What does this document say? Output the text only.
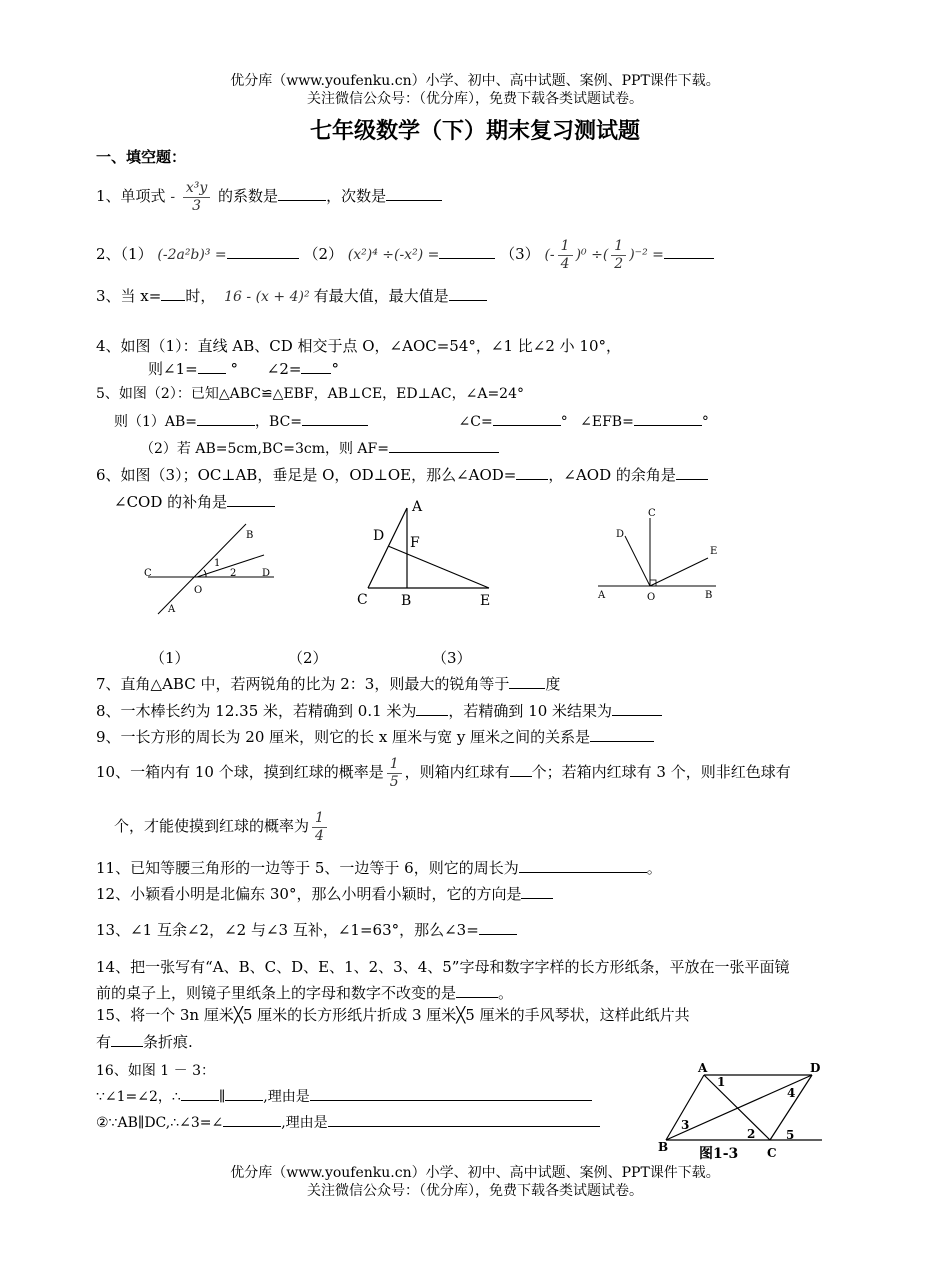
优分库（www.youfenku.cn）小学、初中、高中试题、案例、PPT课件下载。
关注微信公众号：（优分库），免费下载各类试题试卷。
七年级数学（下）期末复习测试题
一、填空题：
1、单项式 - $\frac{\text{x³y}}{3}$ 的系数是	，次数是
2、（1） (-2a²b)³ =	（2） (x²)⁴ ÷(-x²) =	（3） (- $\frac{1}{4} )^0$ ÷( $\frac{1}{2} )^{-2}$ =
3、当 x= 时， 16 - (x + 4)² 有最大值，最大值是
4、如图（1）：直线 AB、CD 相交于点 O，∠AOC=54°，∠1 比∠2 小 10°，
则∠1= ° ∠2= °
5、如图（2）：已知△ABC≌△EBF，AB⊥CE，ED⊥AC，∠A=24°
则（1）AB=	，BC=	∠C=	° ∠EFB=	°
（2）若 AB=5cm,BC=3cm，则 AF=
6、如图（3）；OC⊥AB，垂足是 O，OD⊥OE，那么∠AOD= ，∠AOD 的余角是
∠COD 的补角是
B
C
O
1
2	D
A
A
D F
C B	E
C
D
E
A	O	B
（1）	（2）	（3）
7、直角△ABC 中，若两锐角的比为 2：3，则最大的锐角等于 度
8、一木棒长约为 12.35 米，若精确到 0.1 米为 ，若精确到 10 米结果为
9、一长方形的周长为 20 厘米，则它的长 x 厘米与宽 y 厘米之间的关系是
10、一箱内有 10 个球，摸到红球的概率是 $\frac{1}{5}$ ，则箱内红球有 个；若箱内红球有 3 个，则非红色球有
个，才能使摸到红球的概率为 $\frac{1}{4}$
11、已知等腰三角形的一边等于 5、一边等于 6，则它的周长为	。
12、小颖看小明是北偏东 30°，那么小明看小颖时，它的方向是
13、∠1 互余∠2，∠2 与∠3 互补，∠1=63°，那么∠3=
14、把一张写有“A、B、C、D、E、1、2、3、4、5”字母和数字字样的长方形纸条，平放在一张平面镜
前的桌子上，则镜子里纸条上的字母和数字不改变的是	。
15、将一个 3n 厘米╳5 厘米的长方形纸片折成 3 厘米╳5 厘米的手风琴状，这样此纸片共
有 条折痕.
16、如图 1 － 3：
∵∠1=∠2，∴	∥	,理由是
②∵AB∥DC,∴∠3=∠	,理由是
A	D
1
4
3
2	5
B	C
图1-3
优分库（www.youfenku.cn）小学、初中、高中试题、案例、PPT课件下载。
关注微信公众号：（优分库），免费下载各类试题试卷。
